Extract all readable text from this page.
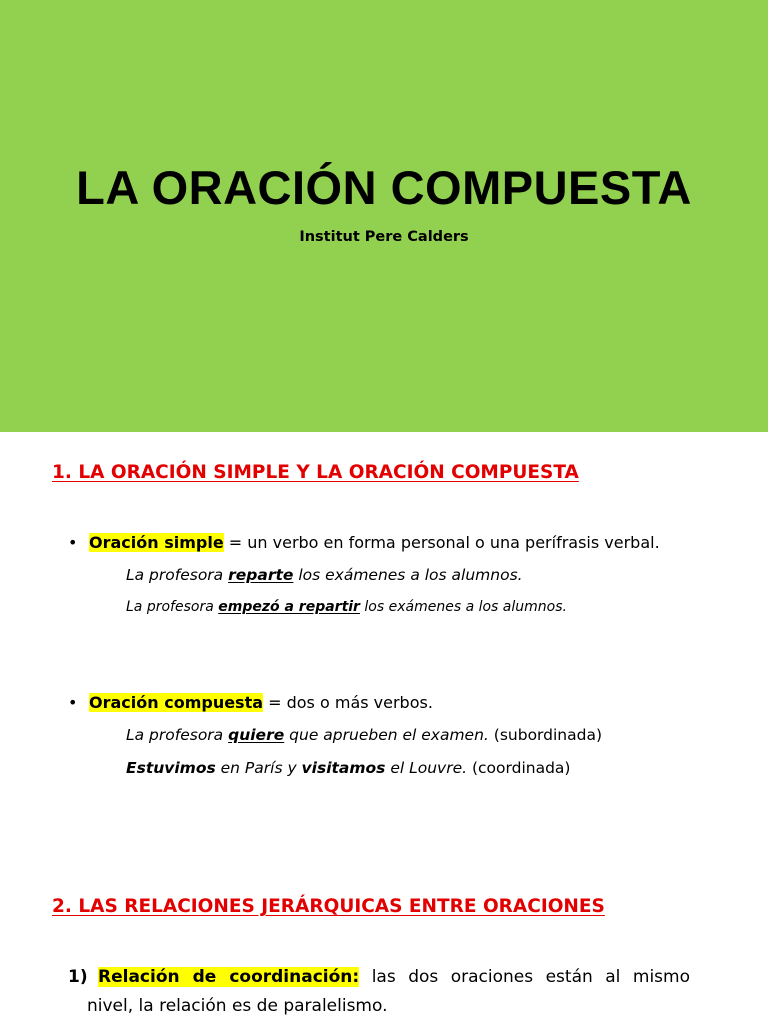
LA ORACIÓN COMPUESTA
Institut Pere Calders
1. LA ORACIÓN SIMPLE Y LA ORACIÓN COMPUESTA
• Oración simple = un verbo en forma personal o una perífrasis verbal.
La profesora reparte los exámenes a los alumnos.
La profesora empezó a repartir los exámenes a los alumnos.
• Oración compuesta = dos o más verbos.
La profesora quiere que aprueben el examen. (subordinada)
Estuvimos en París y visitamos el Louvre. (coordinada)
2. LAS RELACIONES JERÁRQUICAS ENTRE ORACIONES
1) Relación de coordinación: las dos oraciones están al mismo
nivel, la relación es de paralelismo.
